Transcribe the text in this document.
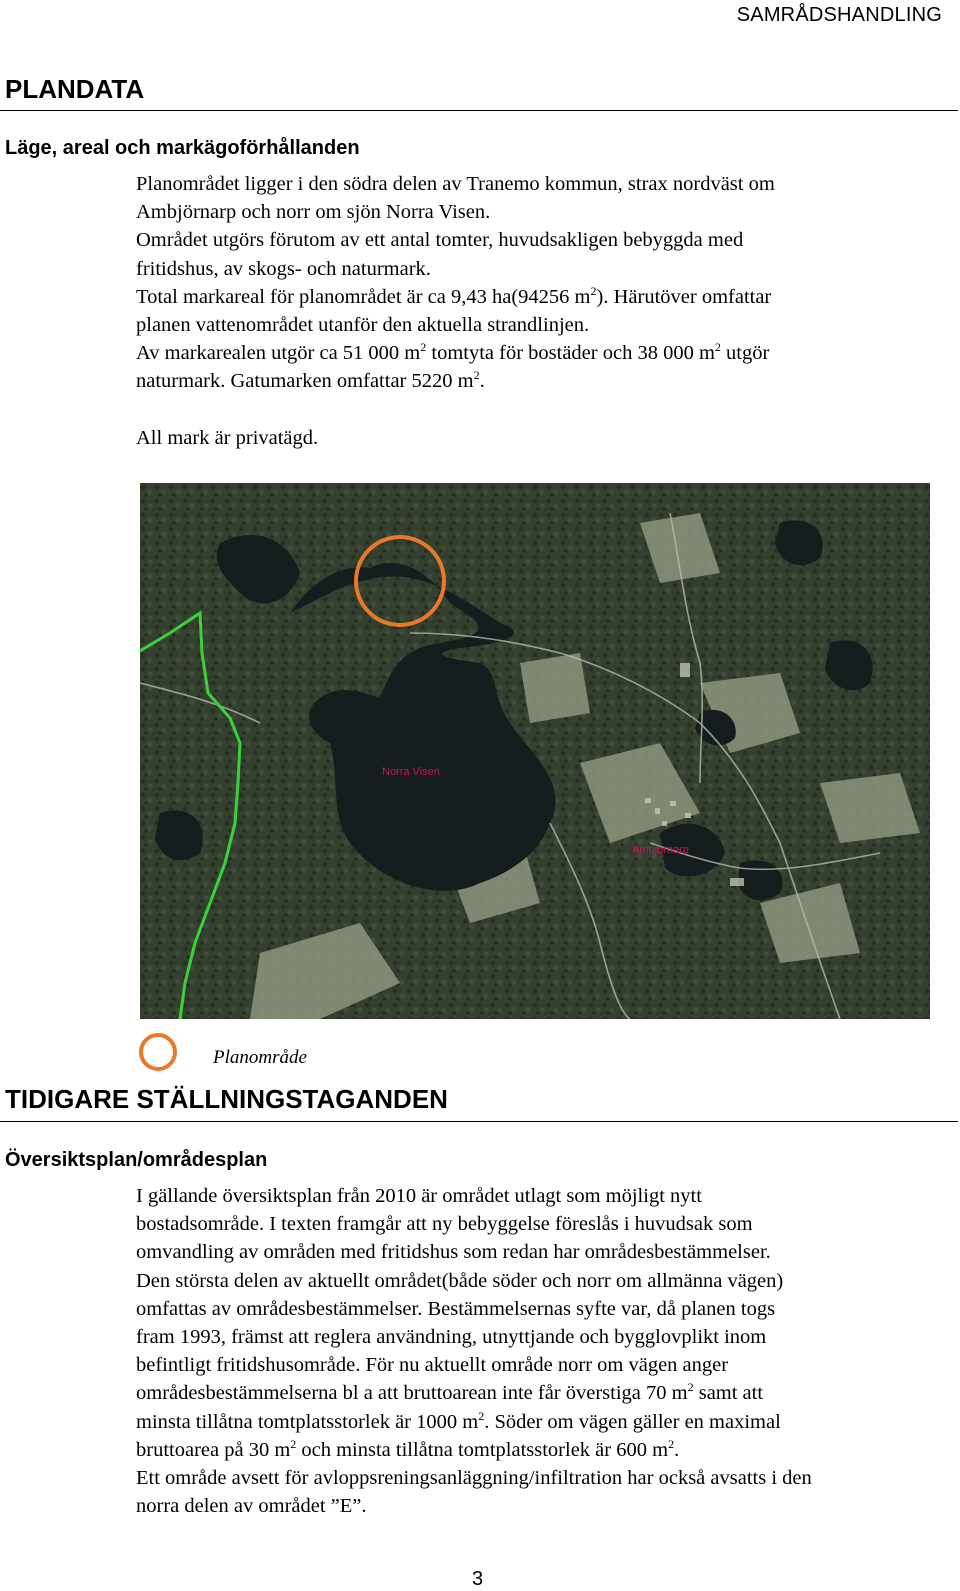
SAMRÅDSHANDLING
PLANDATA
Läge, areal och markägoförhållanden

Planområdet ligger i den södra delen av Tranemo kommun, strax nordväst om

Ambjörnarp och norr om sjön Norra Visen.

Området utgörs förutom av ett antal tomter, huvudsakligen bebyggda med

fritidshus, av skogs- och naturmark.

Total markareal för planområdet är ca 9,43 ha(94256 $m^2$). Härutöver omfattar

planen vattenområdet utanför den aktuella strandlinjen.

Av markarealen utgör ca 51 000 $m^2$ tomtyta för bostäder och 38 000 $m^2$ utgör

naturmark. Gatumarken omfattar 5220 $m^2$.

All mark är privatägd.

Norra Visen
Ambjörnarp
Planområde
TIDIGARE STÄLLNINGSTAGANDEN
Översiktsplan/områdesplan

I gällande översiktsplan från 2010 är området utlagt som möjligt nytt

bostadsområde. I texten framgår att ny bebyggelse föreslås i huvudsak som

omvandling av områden med fritidshus som redan har områdesbestämmelser.

Den största delen av aktuellt området(både söder och norr om allmänna vägen)

omfattas av områdesbestämmelser. Bestämmelsernas syfte var, då planen togs

fram 1993, främst att reglera användning, utnyttjande och bygglovplikt inom

befintligt fritidshusområde. För nu aktuellt område norr om vägen anger

områdesbestämmelserna bl a att bruttoarean inte får överstiga 70 $m^2$ samt att

minsta tillåtna tomtplatsstorlek är 1000 $m^2$. Söder om vägen gäller en maximal

bruttoarea på 30 $m^2$ och minsta tillåtna tomtplatsstorlek är 600 $m^2$.

Ett område avsett för avloppsreningsanläggning/infiltration har också avsatts i den

norra delen av området ”E”.

3
